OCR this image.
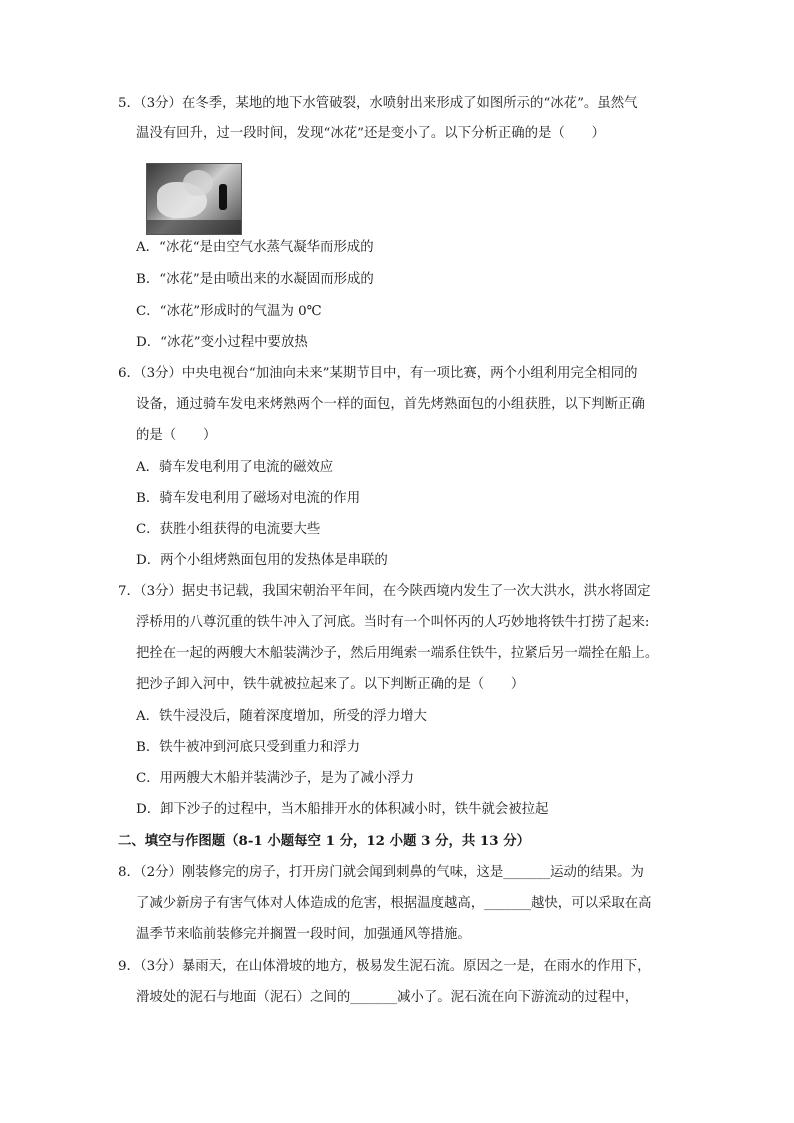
5．（3分）在冬季，某地的地下水管破裂，水喷射出来形成了如图所示的“冰花”。虽然气
温没有回升，过一段时间，发现“冰花”还是变小了。以下分析正确的是（　　）
A．“冰花“是由空气水蒸气凝华而形成的
B．“冰花”是由喷出来的水凝固而形成的
C．“冰花”形成时的气温为 0℃
D．“冰花”变小过程中要放热
6．（3分）中央电视台“加油向未来”某期节目中，有一项比赛，两个小组利用完全相同的
设备，通过骑车发电来烤熟两个一样的面包，首先烤熟面包的小组获胜，以下判断正确
的是（　　）
A．骑车发电利用了电流的磁效应
B．骑车发电利用了磁场对电流的作用
C．获胜小组获得的电流要大些
D．两个小组烤熟面包用的发热体是串联的
7．（3分）据史书记载，我国宋朝治平年间，在今陕西境内发生了一次大洪水，洪水将固定
浮桥用的八尊沉重的铁牛冲入了河底。当时有一个叫怀丙的人巧妙地将铁牛打捞了起来:
把拴在一起的两艘大木船装满沙子，然后用绳索一端系住铁牛，拉紧后另一端拴在船上。
把沙子卸入河中，铁牛就被拉起来了。以下判断正确的是（　　）
A．铁牛浸没后，随着深度增加，所受的浮力增大
B．铁牛被冲到河底只受到重力和浮力
C．用两艘大木船并装满沙子，是为了减小浮力
D．卸下沙子的过程中，当木船排开水的体积减小时，铁牛就会被拉起
二、填空与作图题（8-1 小题每空 1 分，12 小题 3 分，共 13 分）
8．（2分）刚装修完的房子，打开房门就会闻到刺鼻的气味，这是_______运动的结果。为
了减少新房子有害气体对人体造成的危害，根据温度越高，_______越快，可以采取在高
温季节来临前装修完并搁置一段时间，加强通风等措施。
9．（3分）暴雨天，在山体滑坡的地方，极易发生泥石流。原因之一是，在雨水的作用下，
滑坡处的泥石与地面（泥石）之间的_______减小了。泥石流在向下游流动的过程中，
